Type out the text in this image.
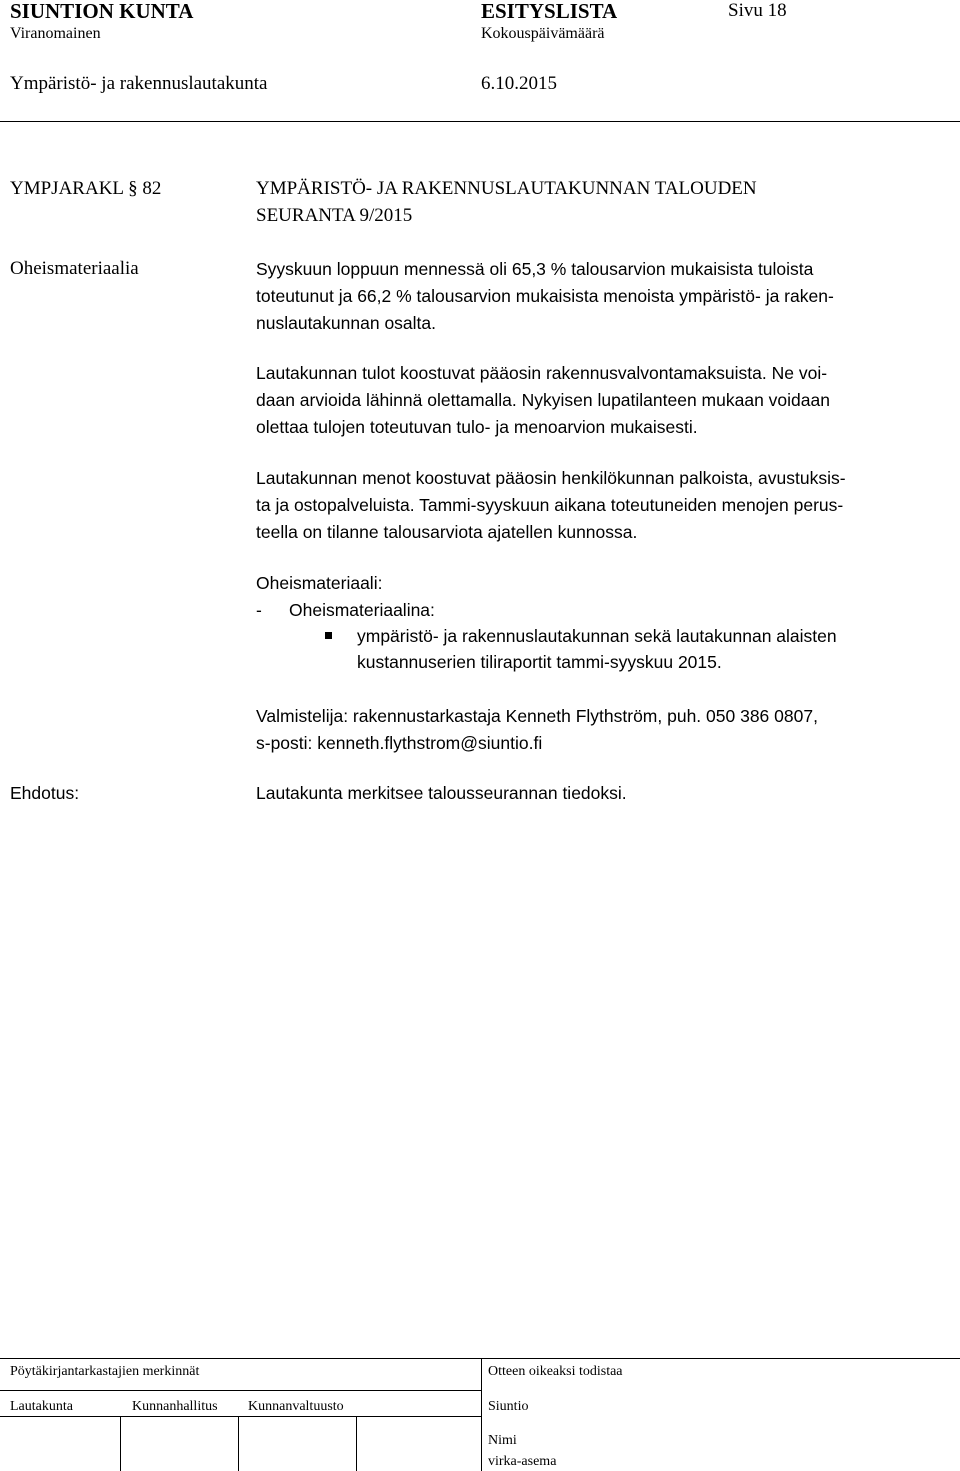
SIUNTION KUNTA	ESITYSLISTA	Sivu 18
Viranomainen	Kokouspäivämäärä
Ympäristö- ja rakennuslautakunta	6.10.2015
YMPJARAKL § 82	YMPÄRISTÖ- JA RAKENNUSLAUTAKUNNAN TALOUDEN
SEURANTA 9/2015
Oheismateriaalia	Syyskuun loppuun mennessä oli 65,3 % talousarvion mukaisista tuloista
toteutunut ja 66,2 % talousarvion mukaisista menoista ympäristö- ja raken-
nuslautakunnan osalta.
Lautakunnan tulot koostuvat pääosin rakennusvalvontamaksuista. Ne voi-
daan arvioida lähinnä olettamalla. Nykyisen lupatilanteen mukaan voidaan
olettaa tulojen toteutuvan tulo- ja menoarvion mukaisesti.
Lautakunnan menot koostuvat pääosin henkilökunnan palkoista, avustuksis-
ta ja ostopalveluista. Tammi-syyskuun aikana toteutuneiden menojen perus-
teella on tilanne talousarviota ajatellen kunnossa.
Oheismateriaali:
- Oheismateriaalina:
ympäristö- ja rakennuslautakunnan sekä lautakunnan alaisten
kustannuserien tiliraportit tammi-syyskuu 2015.
Valmistelija: rakennustarkastaja Kenneth Flythström, puh. 050 386 0807,
s-posti: kenneth.flythstrom@siuntio.fi
Ehdotus:	Lautakunta merkitsee talousseurannan tiedoksi.
Pöytäkirjantarkastajien merkinnät	Otteen oikeaksi todistaa
Lautakunta	Kunnanhallitus Kunnanvaltuusto	Siuntio
Nimi
virka-asema
